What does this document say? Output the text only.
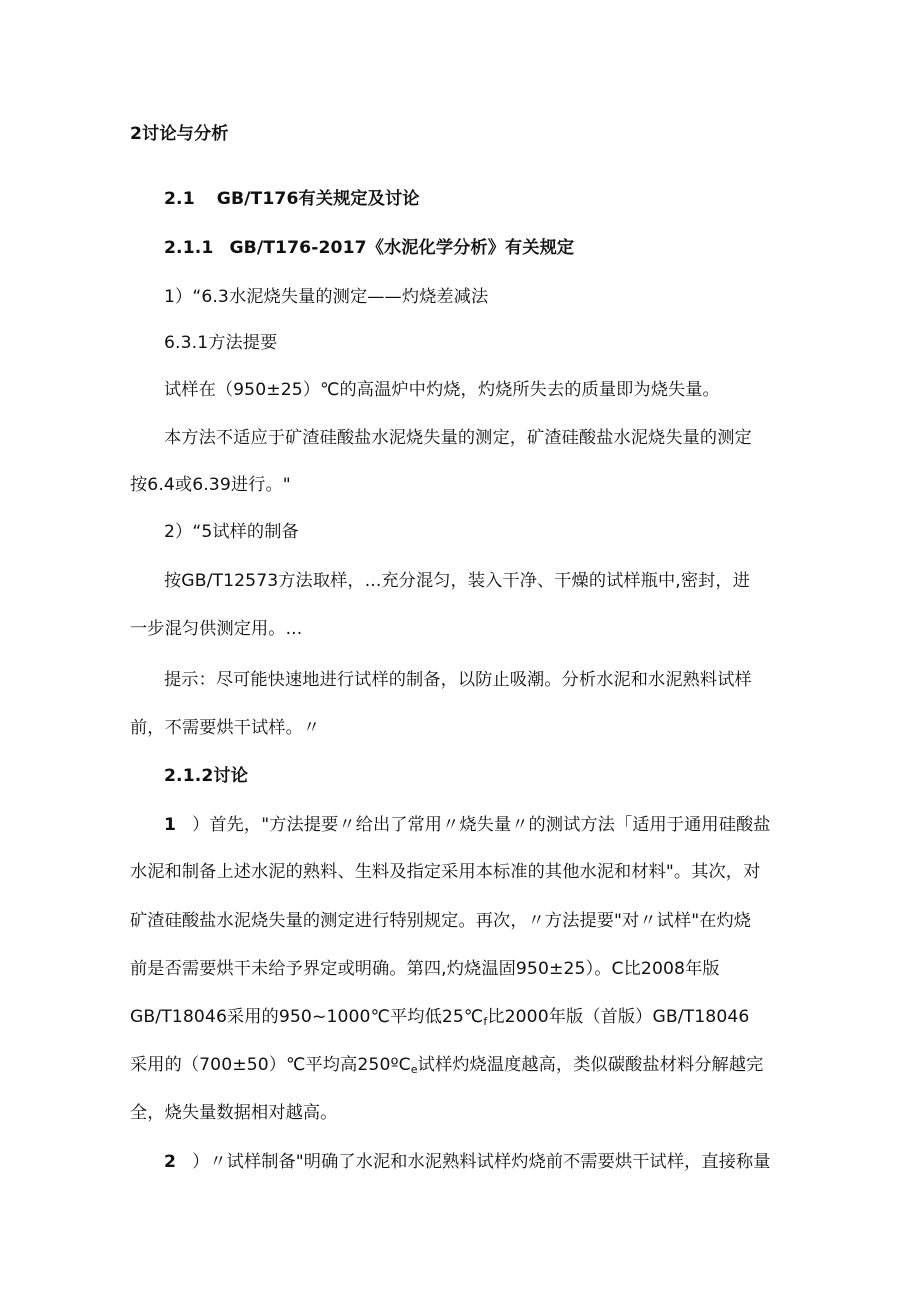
2讨论与分析
2.1 GB/T176有关规定及讨论
2.1.1 GB/T176-2017《水泥化学分析》有关规定
1）“6.3水泥烧失量的测定——灼烧差减法
6.3.1方法提要
试样在（950±25）℃的高温炉中灼烧，灼烧所失去的质量即为烧失量。
本方法不适应于矿渣硅酸盐水泥烧失量的测定，矿渣硅酸盐水泥烧失量的测定
按6.4或6.39进行。"
2）“5试样的制备
按GB/T12573方法取样，...充分混匀，装入干净、干燥的试样瓶中,密封，进
一步混匀供测定用。...
提示：尽可能快速地进行试样的制备，以防止吸潮。分析水泥和水泥熟料试样
前，不需要烘干试样。〃
2.1.2讨论
1 ）首先，"方法提要〃给出了常用〃烧失量〃的测试方法「适用于通用硅酸盐
水泥和制备上述水泥的熟料、生料及指定采用本标准的其他水泥和材料"。其次，对
矿渣硅酸盐水泥烧失量的测定进行特别规定。再次，〃方法提要"对〃试样"在灼烧
前是否需要烘干未给予界定或明确。第四,灼烧温固950±25）。C比2008年版
GB/T18046采用的950~1000℃平均低$25℃_f$比2000年版（首版）GB/T18046
采用的（700±50）℃平均高250ºC$_e$试样灼烧温度越高，类似碳酸盐材料分解越完
全，烧失量数据相对越高。
2 ）〃试样制备"明确了水泥和水泥熟料试样灼烧前不需要烘干试样，直接称量
